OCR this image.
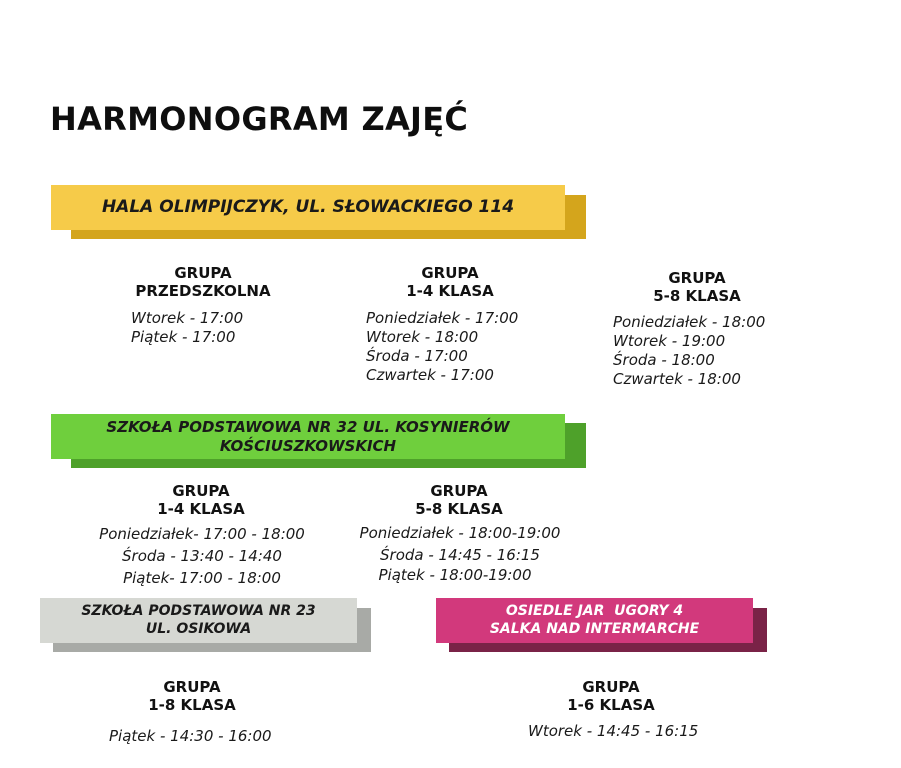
HARMONOGRAM ZAJĘĆ
HALA OLIMPIJCZYK, UL. SŁOWACKIEGO 114
GRUPA
PRZEDSZKOLNA
Wtorek - 17:00
Piątek - 17:00
GRUPA
1-4 KLASA
Poniedziałek - 17:00
Wtorek - 18:00
Środa - 17:00
Czwartek - 17:00
GRUPA
5-8 KLASA
Poniedziałek - 18:00
Wtorek - 19:00
Środa - 18:00
Czwartek - 18:00
SZKOŁA PODSTAWOWA NR 32 UL. KOSYNIERÓW
KOŚCIUSZKOWSKICH
GRUPA
1-4 KLASA
Poniedziałek- 17:00 - 18:00
Środa - 13:40 - 14:40
Piątek- 17:00 - 18:00
GRUPA
5-8 KLASA
Poniedziałek - 18:00-19:00
Środa - 14:45 - 16:15
Piątek - 18:00-19:00
SZKOŁA PODSTAWOWA NR 23
UL. OSIKOWA
GRUPA
1-8 KLASA
Piątek - 14:30 - 16:00
OSIEDLE JAR  UGORY 4
SALKA NAD INTERMARCHE
GRUPA
1-6 KLASA
Wtorek - 14:45 - 16:15
